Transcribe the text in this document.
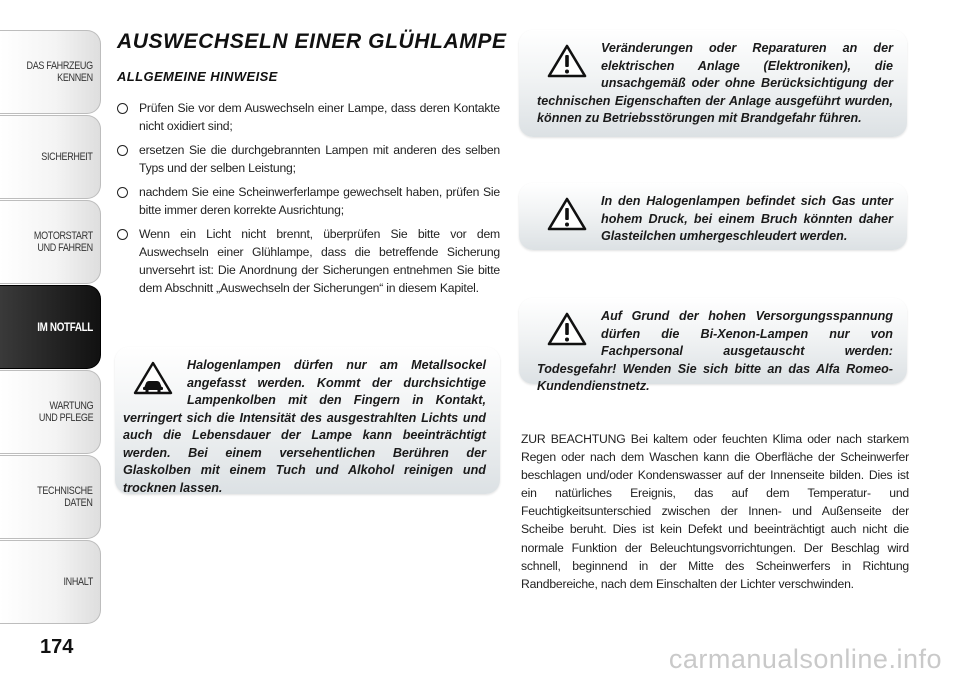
DAS FAHRZEUG
KENNEN
SICHERHEIT
MOTORSTART
UND FAHREN
IM NOTFALL
WARTUNG
UND PFLEGE
TECHNISCHE
DATEN
INHALT
174
AUSWECHSELN EINER GLÜHLAMPE
ALLGEMEINE HINWEISE
Prüfen Sie vor dem Auswechseln einer Lampe, dass deren Kontakte nicht oxidiert sind;
ersetzen Sie die durchgebrannten Lampen mit anderen des selben Typs und der selben Leistung;
nachdem Sie eine Scheinwerferlampe gewechselt haben, prüfen Sie bitte immer deren korrekte Ausrichtung;
Wenn ein Licht nicht brennt, überprüfen Sie bitte vor dem Auswechseln einer Glühlampe, dass die betreffende Sicherung unversehrt ist: Die Anordnung der Sicherungen entnehmen Sie bitte dem Abschnitt „Auswechseln der Sicherungen“ in diesem Kapitel.

Halogenlampen dürfen nur am Metallsockel angefasst werden. Kommt der durchsichtige Lampenkolben mit den Fingern in Kontakt, verringert sich die Intensität des ausgestrahlten Lichts und auch die Lebensdauer der Lampe kann beeinträchtigt werden. Bei einem versehentlichen Berühren der Glaskolben mit einem Tuch und Alkohol reinigen und trocknen lassen.

Veränderungen oder Reparaturen an der elektrischen Anlage (Elektroniken), die unsachgemäß oder ohne Berücksichtigung der technischen Eigenschaften der Anlage ausgeführt wurden, können zu Betriebsstörungen mit Brandgefahr führen.

In den Halogenlampen befindet sich Gas unter hohem Druck, bei einem Bruch könnten daher Glasteilchen umhergeschleudert werden.

Auf Grund der hohen Versorgungsspannung dürfen die Bi-Xenon-Lampen nur von Fachpersonal ausgetauscht werden: Todesgefahr! Wenden Sie sich bitte an das Alfa Romeo-Kundendienstnetz.

ZUR BEACHTUNG Bei kaltem oder feuchten Klima oder nach starkem Regen oder nach dem Waschen kann die Oberfläche der Scheinwerfer beschlagen und/oder Kondenswasser auf der Innenseite bilden. Dies ist ein natürliches Ereignis, das auf dem Temperatur- und Feuchtigkeitsunterschied zwischen der Innen- und Außenseite der Scheibe beruht. Dies ist kein Defekt und beeinträchtigt auch nicht die normale Funktion der Beleuchtungsvorrichtungen. Der Beschlag wird schnell, beginnend in der Mitte des Scheinwerfers in Richtung Randbereiche, nach dem Einschalten der Lichter verschwinden.
carmanualsonline.info
